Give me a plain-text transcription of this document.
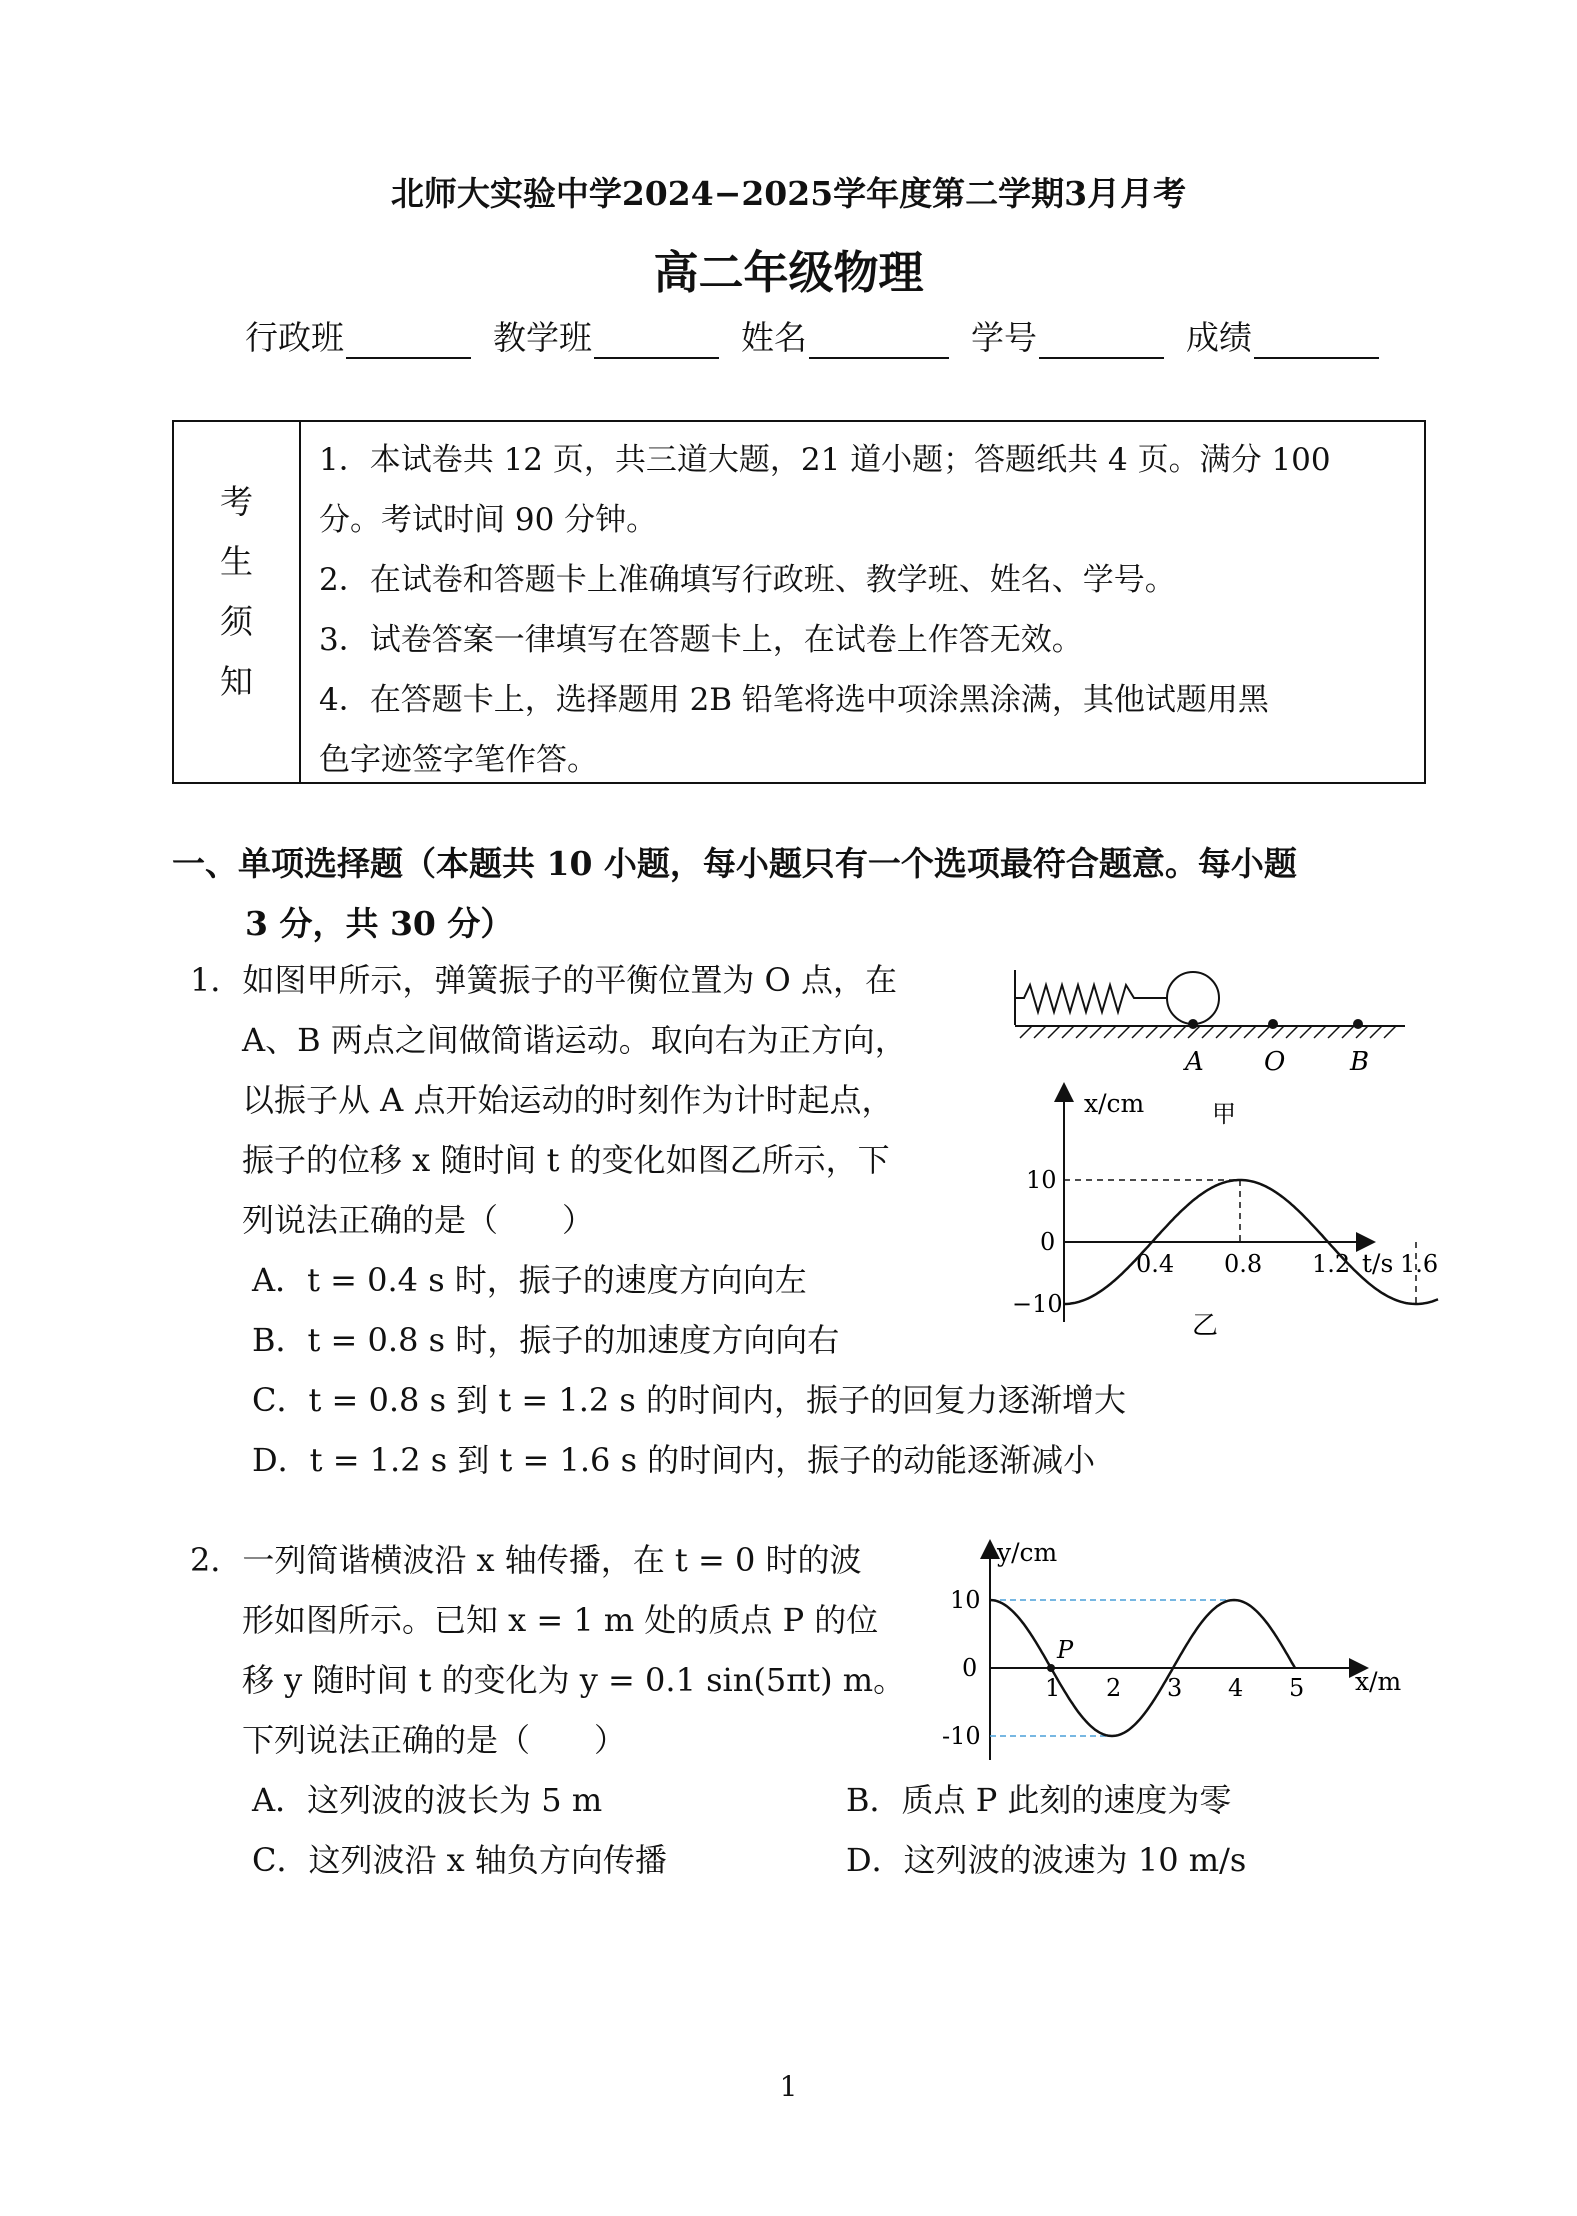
北师大实验中学2024−2025学年度第二学期3月月考
高二年级物理
行政班	教学班	姓名	学号	成绩
考
生
须
知
1．本试卷共 12 页，共三道大题，21 道小题；答题纸共 4 页。满分 100
分。考试时间 90 分钟。
2．在试卷和答题卡上准确填写行政班、教学班、姓名、学号。
3．试卷答案一律填写在答题卡上，在试卷上作答无效。
4．在答题卡上，选择题用 2B 铅笔将选中项涂黑涂满，其他试题用黑
色字迹签字笔作答。
一、单项选择题（本题共 10 小题，每小题只有一个选项最符合题意。每小题
3 分，共 30 分）
1．如图甲所示，弹簧振子的平衡位置为 O 点，在
A、B 两点之间做简谐运动。取向右为正方向，
以振子从 A 点开始运动的时刻作为计时起点，
振子的位移 x 随时间 t 的变化如图乙所示，下
列说法正确的是（　　）
A．t = 0.4 s 时，振子的速度方向向左
B．t = 0.8 s 时，振子的加速度方向向右
C．t = 0.8 s 到 t = 1.2 s 的时间内，振子的回复力逐渐增大
D．t = 1.2 s 到 t = 1.6 s 的时间内，振子的动能逐渐减小
A O B
x/cm
t/s
甲
乙
10
0
−10
0.4 0.8 1.2 1.6
2．一列简谐横波沿 x 轴传播，在 t = 0 时的波
形如图所示。已知 x = 1 m 处的质点 P 的位
移 y 随时间 t 的变化为 y = 0.1 sin(5πt) m。
下列说法正确的是（　　）
A．这列波的波长为 5 m	B．质点 P 此刻的速度为零
C．这列波沿 x 轴负方向传播	D．这列波的波速为 10 m/s
y/cm
x/m
10
0
-10
1 2 3 4 5
P
1
